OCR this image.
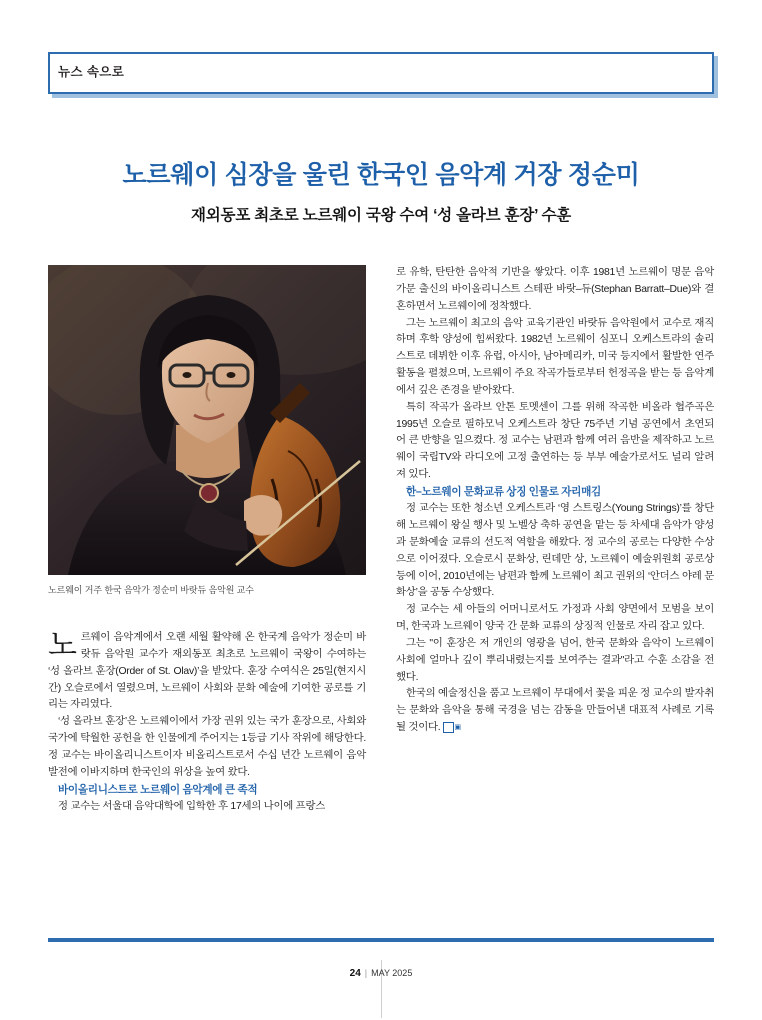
뉴스 속으로
노르웨이 심장을 울린 한국인 음악계 거장 정순미
재외동포 최초로 노르웨이 국왕 수여 ‘성 올라브 훈장’ 수훈
노르웨이 거주 한국 음악가 정순미 바랏듀 음악원 교수
노 르웨이 음악계에서 오랜 세월 활약해 온 한국계 음악가 정순미 바랏듀 음악원 교수가 재외동포 최초로 노르웨이 국왕이 수여하는 ‘성 올라브 훈장(Order of St. Olav)’을 받았다. 훈장 수여식은 25일(현지시간) 오슬로에서 열렸으며, 노르웨이 사회와 문화 예술에 기여한 공로를 기리는 자리였다.

‘성 올라브 훈장’은 노르웨이에서 가장 권위 있는 국가 훈장으로, 사회와 국가에 탁월한 공헌을 한 인물에게 주어지는 1등급 기사 작위에 해당한다. 정 교수는 바이올리니스트이자 비올리스트로서 수십 년간 노르웨이 음악 발전에 이바지하며 한국인의 위상을 높여 왔다.

바이올리니스트로 노르웨이 음악계에 큰 족적

정 교수는 서울대 음악대학에 입학한 후 17세의 나이에 프랑스

로 유학, 탄탄한 음악적 기반을 쌓았다. 이후 1981년 노르웨이 명문 음악 가문 출신의 바이올리니스트 스테판 바랏–듀(Stephan Barratt–Due)와 결혼하면서 노르웨이에 정착했다.

그는 노르웨이 최고의 음악 교육기관인 바랏듀 음악원에서 교수로 재직하며 후학 양성에 힘써왔다. 1982년 노르웨이 심포니 오케스트라의 솔리스트로 데뷔한 이후 유럽, 아시아, 남아메리카, 미국 등지에서 활발한 연주 활동을 펼쳤으며, 노르웨이 주요 작곡가들로부터 헌정곡을 받는 등 음악계에서 깊은 존경을 받아왔다.

특히 작곡가 올라브 안톤 토멧센이 그를 위해 작곡한 비올라 협주곡은 1995년 오슬로 필하모닉 오케스트라 창단 75주년 기념 공연에서 초연되어 큰 반향을 일으켰다. 정 교수는 남편과 함께 여러 음반을 제작하고 노르웨이 국립TV와 라디오에 고정 출연하는 등 부부 예술가로서도 널리 알려져 있다.

한–노르웨이 문화교류 상징 인물로 자리매김

정 교수는 또한 청소년 오케스트라 ‘영 스트링스(Young Strings)’를 창단해 노르웨이 왕실 행사 및 노벨상 축하 공연을 맡는 등 차세대 음악가 양성과 문화예술 교류의 선도적 역할을 해왔다. 정 교수의 공로는 다양한 수상으로 이어졌다. 오슬로시 문화상, 린데만 상, 노르웨이 예술위원회 공로상 등에 이어, 2010년에는 남편과 함께 노르웨이 최고 권위의 ‘안더스 야레 문화상’을 공동 수상했다.

정 교수는 세 아들의 어머니로서도 가정과 사회 양면에서 모범을 보이며, 한국과 노르웨이 양국 간 문화 교류의 상징적 인물로 자리 잡고 있다.

그는 "이 훈장은 저 개인의 영광을 넘어, 한국 문화와 음악이 노르웨이 사회에 얼마나 깊이 뿌리내렸는지를 보여주는 결과"라고 수훈 소감을 전했다.

한국의 예술정신을 품고 노르웨이 무대에서 꽃을 피운 정 교수의 발자취는 문화와 음악을 통해 국경을 넘는 감동을 만들어낸 대표적 사례로 기록될 것이다. ▣

24 | MAY 2025
